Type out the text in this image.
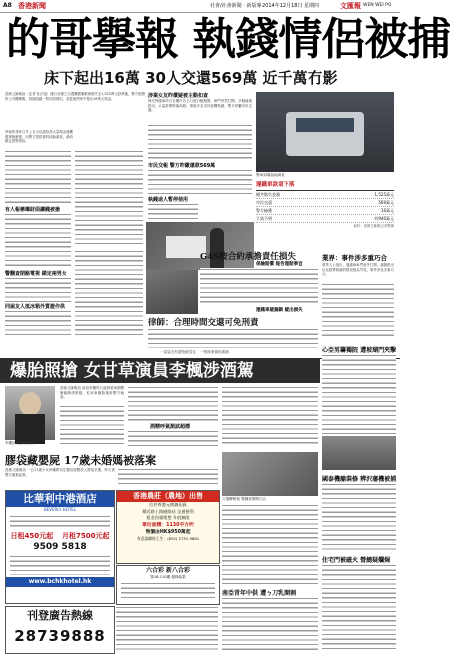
A8 香港新聞	社會/社會新聞 · 新版專 2014年12月18日 星期四	文匯報 WEN WEI PO
的哥擧報 執錢情侶被捕
床下起出16萬 30人交還569萬 近千萬冇影
香港文匯報訊（記者 杜法祖）運行存儲之行遇攔置運載保箱失去1,525萬元鈔票後，警方根據的士司機擧報，拘捕拾錢一對同居情侶，並從他們家中搜出16萬元現金。
涉案的哥昨日早上在大坑道拾得大量現金後驚覺事態嚴重，向警方提供資料協助調查，最終鎖定該對情侶。
有人報稱曝財面讓錢被搶
警翻查閉路電視 鎖定兩男女
同屋友人抵冰箱外質證作供
涉案女友昨償疑被主動扣查
保安押運車昨日在灣仔告士打道行駛期間，車門突然打開，多個錢箱跌出，大量鈔票散落馬路。事後多名市民趁機執錢，警方呼籲市民交還。
市民交報 警方昨繳還款569萬
執錢途人暫停使用
警車到場協助調查
運錢車款項下落
總共散失金額	1,525萬元
市民交還	569萬元
警方檢獲	16萬元
下落不明	約940萬元
資料：香港文匯報記者整理
G4S按合約承擔責任損失
保險賠償 報告理賠事宜
運錢車疑漏鎖 疑出損失
業界：事件涉多重巧合
業界人士指出，運錢車車門意外打開、錢箱跌出以至鈔票散落的情況極為罕見，事件涉及多重巧合。
律師：合理時間交還可免刑責
一袋袋含有證物被送往 一對涉案情侶被捕
爆胎照搶 女甘草演員李楓涉酒駕
李楓涉嫌醉駕被捕
香港文匯報訊 演員李楓昨日凌晨駕車期間懷疑醉酒駕駛，私家車爆胎後被警方截查。
酒精呼氣測試超標
心亞男籌獨院 遭坡瑚門夾擊
國泰機艙裝修 辨沢藩機被捕
住宅門被磁火 營總疑爛焗
膠袋藏嬰屍 17歲未婚媽被落案
香港文匯報訊 一名17歲少女涉嫌將初生嬰兒屍體放入膠袋丟棄，昨日被警方落案起訴。
文揚驛報報 警翻查閉路巧合
南亞青年中供 遭ㄅ刀乳開割
比華利中港酒店
BEVERLY HOTEL
日租450元起 月租7500元起
9509 5818
www.bchkhotel.hk
香港農莊（農地）出售
位於香港元朗錦田區
鄰近路上路避路站 交通便利
租金回報理想 升值無限
單位面積：1130平方呎
售價由HK$950萬起
有意請聯絡王生：(852) 2751 9882
六合彩 新八合彩
第18-110期 攪珠結果
刊登廣告熱線
28739888
